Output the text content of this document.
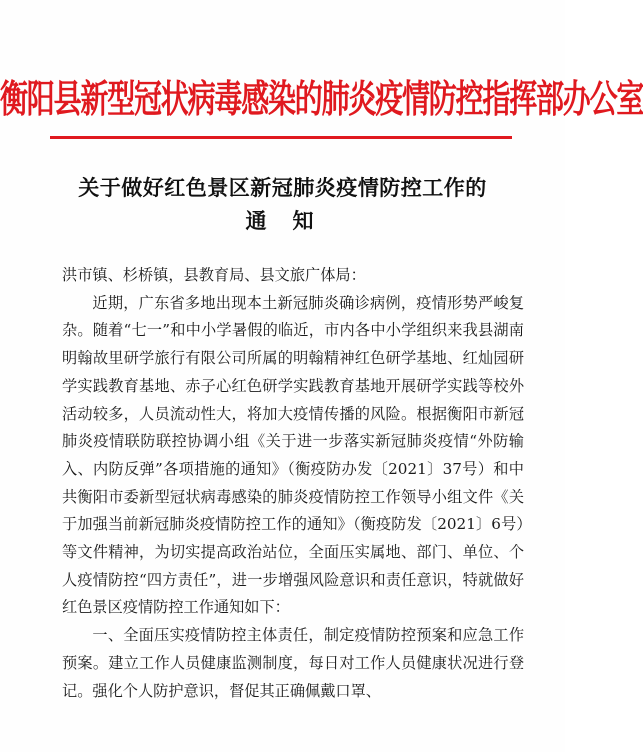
衡阳县新型冠状病毒感染的肺炎疫情防控指挥部办公室
关于做好红色景区新冠肺炎疫情防控工作的
通知

洪市镇、杉桥镇，县教育局、县文旅广体局：

近期，广东省多地出现本土新冠肺炎确诊病例，疫情形势严峻复杂。随着“七一”和中小学暑假的临近，市内各中小学组织来我县湖南明翰故里研学旅行有限公司所属的明翰精神红色研学基地、红灿园研学实践教育基地、赤子心红色研学实践教育基地开展研学实践等校外活动较多，人员流动性大，将加大疫情传播的风险。根据衡阳市新冠肺炎疫情联防联控协调小组《关于进一步落实新冠肺炎疫情“外防输入、内防反弹”各项措施的通知》（衡疫防办发〔2021〕37号）和中共衡阳市委新型冠状病毒感染的肺炎疫情防控工作领导小组文件《关于加强当前新冠肺炎疫情防控工作的通知》（衡疫防发〔2021〕6号）等文件精神，为切实提高政治站位，全面压实属地、部门、单位、个人疫情防控“四方责任”，进一步增强风险意识和责任意识，特就做好红色景区疫情防控工作通知如下：

一、全面压实疫情防控主体责任，制定疫情防控预案和应急工作预案。建立工作人员健康监测制度，每日对工作人员健康状况进行登记。强化个人防护意识，督促其正确佩戴口罩、
